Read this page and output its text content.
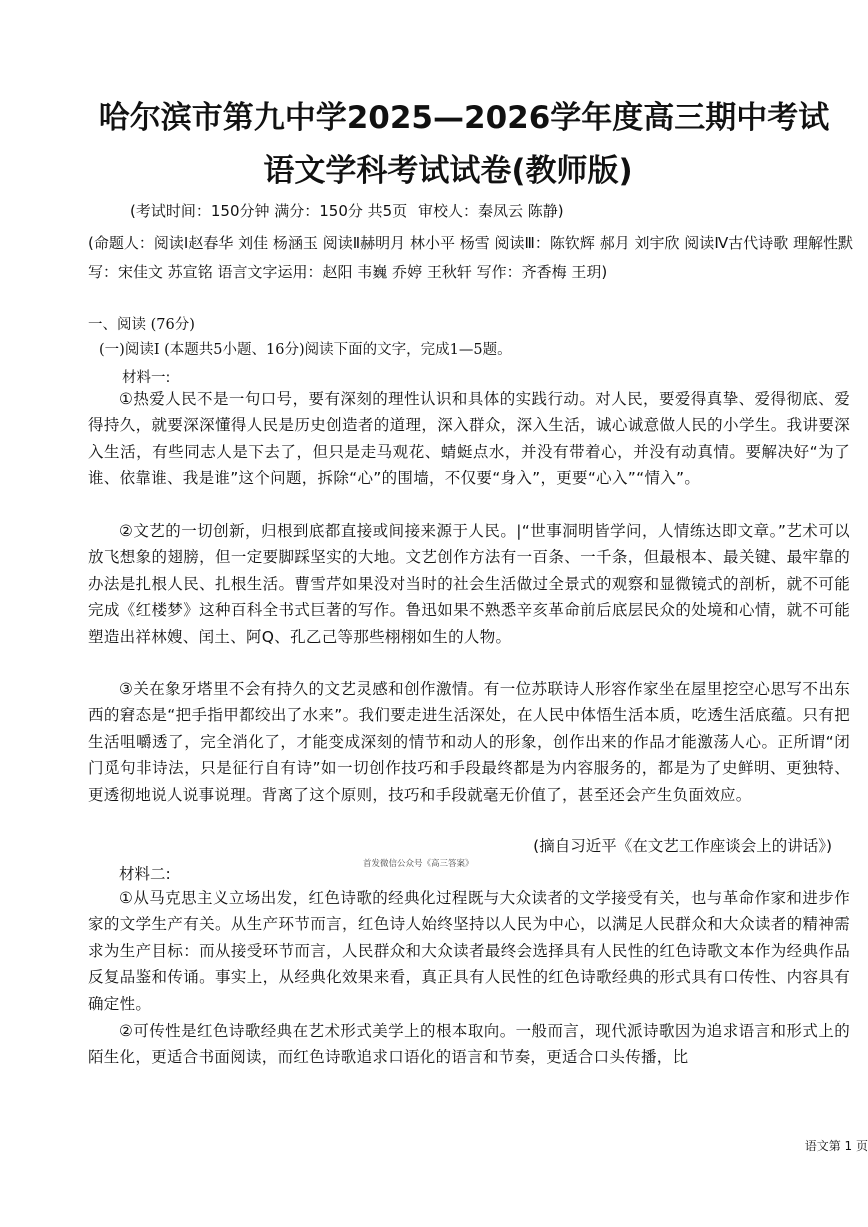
哈尔滨市第九中学2025—2026学年度高三期中考试
语文学科考试试卷(教师版)
(考试时间：150分钟 满分：150分 共5页 审校人：秦凤云 陈静)
(命题人：阅读Ⅰ赵春华 刘佳 杨涵玉 阅读Ⅱ赫明月 林小平 杨雪 阅读Ⅲ：陈钦辉 郝月 刘宇欣 阅读Ⅳ古代诗歌 理解性默写：宋佳文 苏宣铭 语言文字运用：赵阳 韦巍 乔婷 王秋轩 写作：齐香梅 王玥)
一、阅读 (76分)
(一)阅读Ⅰ (本题共5小题、16分)阅读下面的文字，完成1—5题。
材料一:

①热爱人民不是一句口号，要有深刻的理性认识和具体的实践行动。对人民，要爱得真挚、爱得彻底、爱得持久，就要深深懂得人民是历史创造者的道理，深入群众，深入生活，诚心诚意做人民的小学生。我讲要深入生活，有些同志人是下去了，但只是走马观花、蜻蜓点水，并没有带着心，并没有动真情。要解决好“为了谁、依靠谁、我是谁”这个问题，拆除“心”的围墙，不仅要“身入”，更要“心入”“情入”。

②文艺的一切创新，归根到底都直接或间接来源于人民。|“世事洞明皆学问，人情练达即文章。”艺术可以放飞想象的翅膀，但一定要脚踩坚实的大地。文艺创作方法有一百条、一千条，但最根本、最关键、最牢靠的办法是扎根人民、扎根生活。曹雪芹如果没对当时的社会生活做过全景式的观察和显微镜式的剖析，就不可能完成《红楼梦》这种百科全书式巨著的写作。鲁迅如果不熟悉辛亥革命前后底层民众的处境和心情，就不可能塑造出祥林嫂、闰土、阿Q、孔乙己等那些栩栩如生的人物。

③关在象牙塔里不会有持久的文艺灵感和创作激情。有一位苏联诗人形容作家坐在屋里挖空心思写不出东西的窘态是“把手指甲都绞出了水来”。我们要走进生活深处，在人民中体悟生活本质，吃透生活底蕴。只有把生活咀嚼透了，完全消化了，才能变成深刻的情节和动人的形象，创作出来的作品才能激荡人心。正所谓“闭门觅句非诗法，只是征行自有诗”如一切创作技巧和手段最终都是为内容服务的，都是为了史鲜明、更独特、更透彻地说人说事说理。背离了这个原则，技巧和手段就毫无价值了，甚至还会产生负面效应。

(摘自习近平《在文艺工作座谈会上的讲话》)
材料二:
首发微信公众号《高三答案》

①从马克思主义立场出发，红色诗歌的经典化过程既与大众读者的文学接受有关，也与革命作家和进步作家的文学生产有关。从生产环节而言，红色诗人始终坚持以人民为中心，以满足人民群众和大众读者的精神需求为生产目标：而从接受环节而言，人民群众和大众读者最终会选择具有人民性的红色诗歌文本作为经典作品反复品鉴和传诵。事实上，从经典化效果来看，真正具有人民性的红色诗歌经典的形式具有口传性、内容具有确定性。

②可传性是红色诗歌经典在艺术形式美学上的根本取向。一般而言，现代派诗歌因为追求语言和形式上的陌生化，更适合书面阅读，而红色诗歌追求口语化的语言和节奏，更适合口头传播，比

语文第 1 页
